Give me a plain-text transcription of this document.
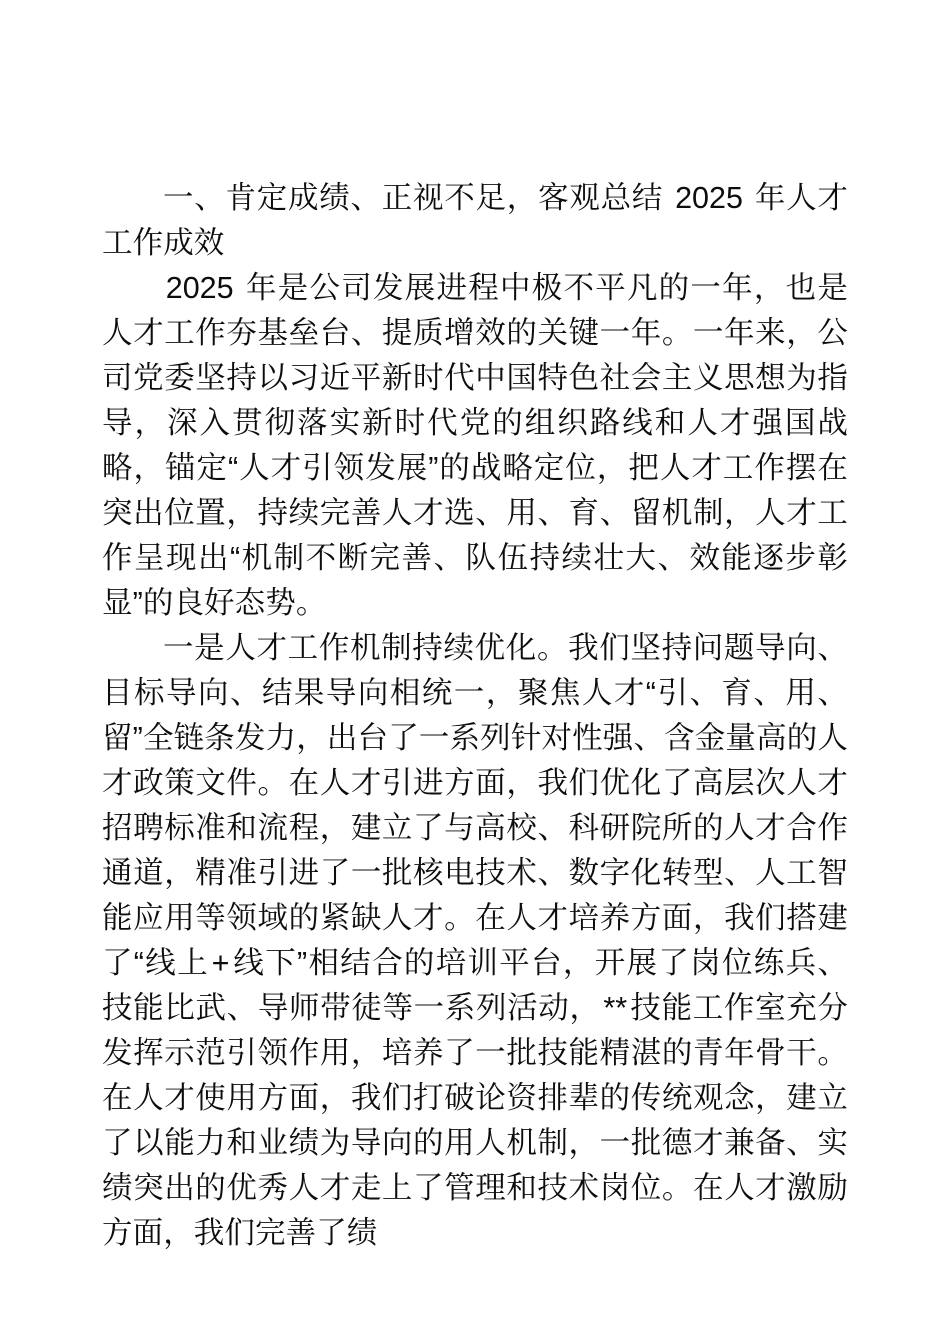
一、肯定成绩、正视不足，客观总结 2025 年人才工作成效

2025 年是公司发展进程中极不平凡的一年，也是人才工作夯基垒台、提质增效的关键一年。一年来，公司党委坚持以习近平新时代中国特色社会主义思想为指导，深入贯彻落实新时代党的组织路线和人才强国战略，锚定“人才引领发展”的战略定位，把人才工作摆在突出位置，持续完善人才选、用、育、留机制，人才工作呈现出“机制不断完善、队伍持续壮大、效能逐步彰显”的良好态势。

一是人才工作机制持续优化。我们坚持问题导向、目标导向、结果导向相统一，聚焦人才“引、育、用、留”全链条发力，出台了一系列针对性强、含金量高的人才政策文件。在人才引进方面，我们优化了高层次人才招聘标准和流程，建立了与高校、科研院所的人才合作通道，精准引进了一批核电技术、数字化转型、人工智能应用等领域的紧缺人才。在人才培养方面，我们搭建了“线上+线下”相结合的培训平台，开展了岗位练兵、技能比武、导师带徒等一系列活动，**技能工作室充分发挥示范引领作用，培养了一批技能精湛的青年骨干。在人才使用方面，我们打破论资排辈的传统观念，建立了以能力和业绩为导向的用人机制，一批德才兼备、实绩突出的优秀人才走上了管理和技术岗位。在人才激励方面，我们完善了绩
